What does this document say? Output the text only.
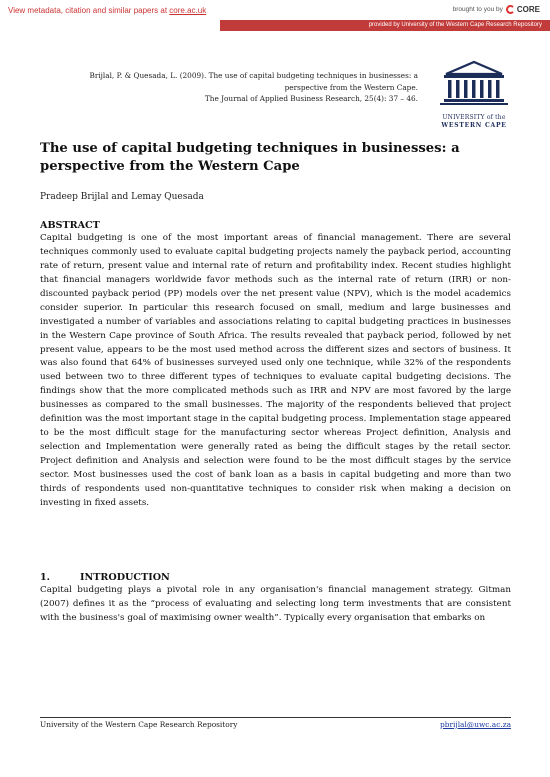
View metadata, citation and similar papers at core.ac.uk	brought to you by CORE
provided by University of the Western Cape Research Repository
Brijlal, P. & Quesada, L. (2009). The use of capital budgeting techniques in businesses: a
perspective from the Western Cape.
The Journal of Applied Business Research, 25(4): 37 – 46.
UNIVERSITY of the
WESTERN CAPE
The use of capital budgeting techniques in businesses: a perspective from the Western Cape
Pradeep Brijlal and Lemay Quesada

ABSTRACT

Capital budgeting is one of the most important areas of financial management. There are several techniques commonly used to evaluate capital budgeting projects namely the payback period, accounting rate of return, present value and internal rate of return and profitability index. Recent studies highlight that financial managers worldwide favor methods such as the internal rate of return (IRR) or non-discounted payback period (PP) models over the net present value (NPV), which is the model academics consider superior. In particular this research focused on small, medium and large businesses and investigated a number of variables and associations relating to capital budgeting practices in businesses in the Western Cape province of South Africa. The results revealed that payback period, followed by net present value, appears to be the most used method across the different sizes and sectors of business. It was also found that 64% of businesses surveyed used only one technique, while 32% of the respondents used between two to three different types of techniques to evaluate capital budgeting decisions. The findings show that the more complicated methods such as IRR and NPV are most favored by the large businesses as compared to the small businesses. The majority of the respondents believed that project definition was the most important stage in the capital budgeting process. Implementation stage appeared to be the most difficult stage for the manufacturing sector whereas Project definition, Analysis and selection and Implementation were generally rated as being the difficult stages by the retail sector. Project definition and Analysis and selection were found to be the most difficult stages by the service sector. Most businesses used the cost of bank loan as a basis in capital budgeting and more than two thirds of respondents used non-quantitative techniques to consider risk when making a decision on investing in fixed assets.

1.	INTRODUCTION

Capital budgeting plays a pivotal role in any organisation's financial management strategy. Gitman (2007) defines it as the “process of evaluating and selecting long term investments that are consistent with the business's goal of maximising owner wealth”. Typically every organisation that embarks on

University of the Western Cape Research Repository	pbrijlal@uwc.ac.za
